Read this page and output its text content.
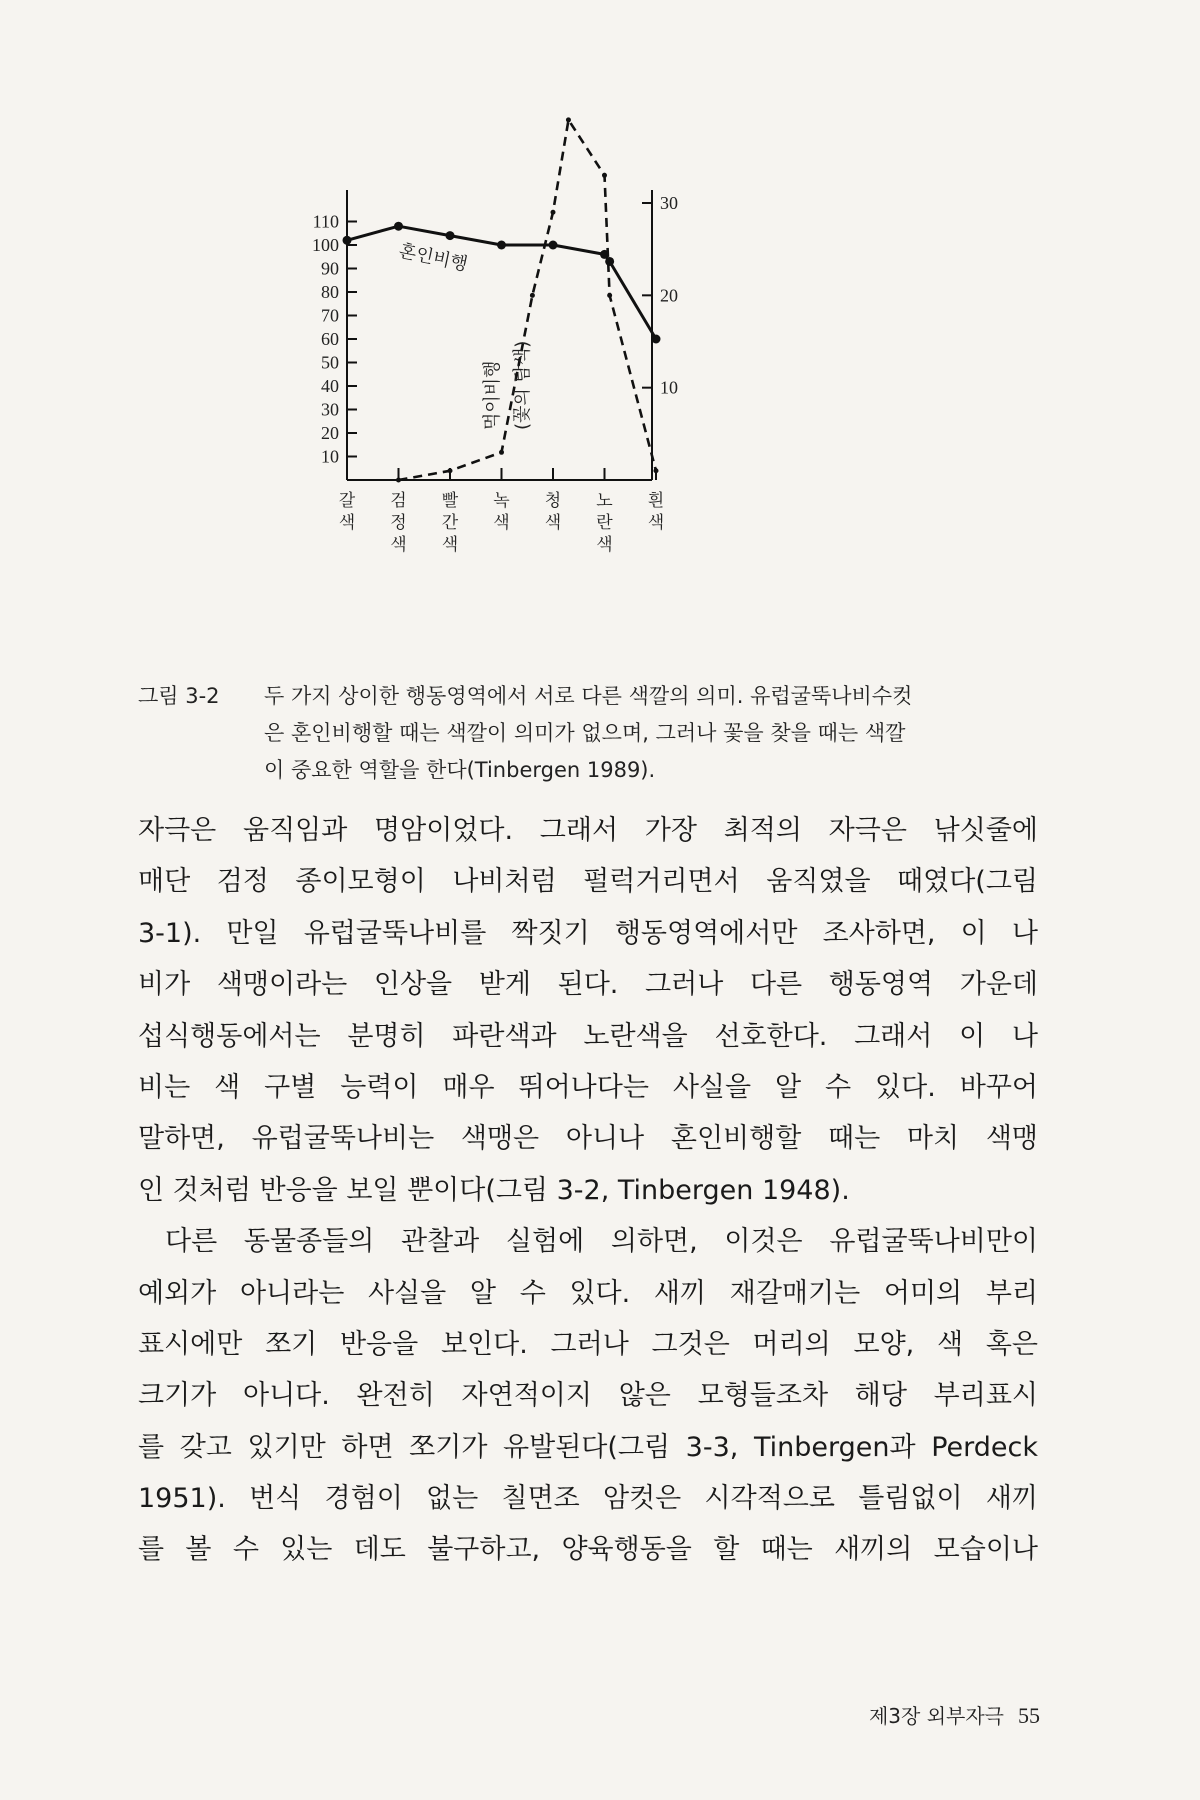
10
20
30
40
50
60
70
80
90
100
110
10
20
30
갈
색
검
정
색
빨
간
색
녹
색
청
색
노
란
색
흰
색
혼인비행
먹이비행 (꽃의 탐색)
그림 3-2	두 가지 상이한 행동영역에서 서로 다른 색깔의 의미. 유럽굴뚝나비수컷
은 혼인비행할 때는 색깔이 의미가 없으며, 그러나 꽃을 찾을 때는 색깔
이 중요한 역할을 한다(Tinbergen 1989).
자극은 움직임과 명암이었다. 그래서 가장 최적의 자극은 낚싯줄에
매단 검정 종이모형이 나비처럼 펄럭거리면서 움직였을 때였다(그림
3-1). 만일 유럽굴뚝나비를 짝짓기 행동영역에서만 조사하면, 이 나
비가 색맹이라는 인상을 받게 된다. 그러나 다른 행동영역 가운데
섭식행동에서는 분명히 파란색과 노란색을 선호한다. 그래서 이 나
비는 색 구별 능력이 매우 뛰어나다는 사실을 알 수 있다. 바꾸어
말하면, 유럽굴뚝나비는 색맹은 아니나 혼인비행할 때는 마치 색맹
인 것처럼 반응을 보일 뿐이다(그림 3-2, Tinbergen 1948).
다른 동물종들의 관찰과 실험에 의하면, 이것은 유럽굴뚝나비만이
예외가 아니라는 사실을 알 수 있다. 새끼 재갈매기는 어미의 부리
표시에만 쪼기 반응을 보인다. 그러나 그것은 머리의 모양, 색 혹은
크기가 아니다. 완전히 자연적이지 않은 모형들조차 해당 부리표시
를 갖고 있기만 하면 쪼기가 유발된다(그림 3-3, Tinbergen과 Perdeck
1951). 번식 경험이 없는 칠면조 암컷은 시각적으로 틀림없이 새끼
를 볼 수 있는 데도 불구하고, 양육행동을 할 때는 새끼의 모습이나
제3장 외부자극 55
